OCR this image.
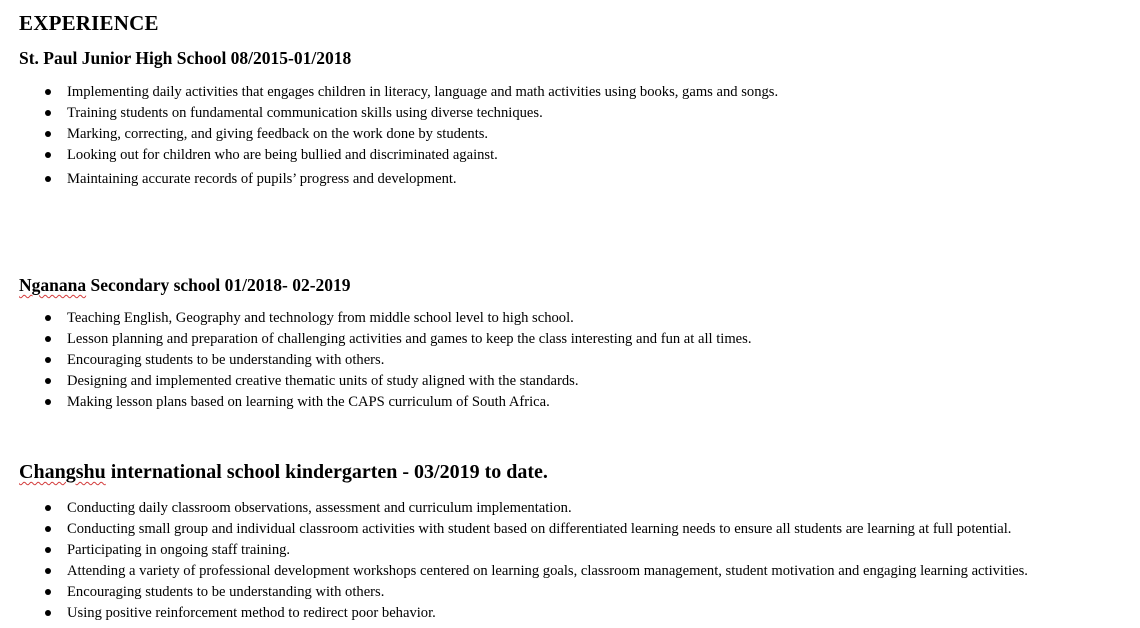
EXPERIENCE
St. Paul Junior High School 08/2015-01/2018
Implementing daily activities that engages children in literacy, language and math activities using books, gams and songs.
Training students on fundamental communication skills using diverse techniques.
Marking, correcting, and giving feedback on the work done by students.
Looking out for children who are being bullied and discriminated against.
Maintaining accurate records of pupils’ progress and development.
Nganana Secondary school 01/2018- 02-2019
Teaching English, Geography and technology from middle school level to high school.
Lesson planning and preparation of challenging activities and games to keep the class interesting and fun at all times.
Encouraging students to be understanding with others.
Designing and implemented creative thematic units of study aligned with the standards.
Making lesson plans based on learning with the CAPS curriculum of South Africa.
Changshu international school kindergarten - 03/2019 to date.
Conducting daily classroom observations, assessment and curriculum implementation.
Conducting small group and individual classroom activities with student based on differentiated learning needs to ensure all students are learning at full potential.
Participating in ongoing staff training.
Attending a variety of professional development workshops centered on learning goals, classroom management, student motivation and engaging learning activities.
Encouraging students to be understanding with others.
Using positive reinforcement method to redirect poor behavior.
